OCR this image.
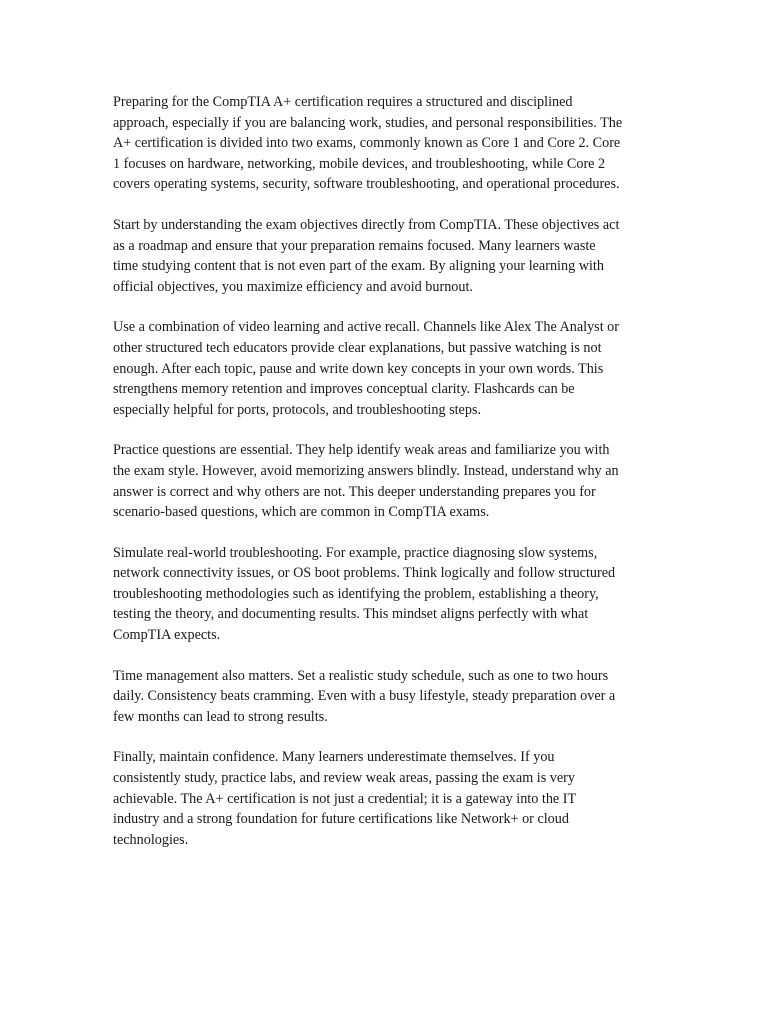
Preparing for the CompTIA A+ certification requires a structured and disciplined
approach, especially if you are balancing work, studies, and personal responsibilities. The
A+ certification is divided into two exams, commonly known as Core 1 and Core 2. Core
1 focuses on hardware, networking, mobile devices, and troubleshooting, while Core 2
covers operating systems, security, software troubleshooting, and operational procedures.

Start by understanding the exam objectives directly from CompTIA. These objectives act
as a roadmap and ensure that your preparation remains focused. Many learners waste
time studying content that is not even part of the exam. By aligning your learning with
official objectives, you maximize efficiency and avoid burnout.

Use a combination of video learning and active recall. Channels like Alex The Analyst or
other structured tech educators provide clear explanations, but passive watching is not
enough. After each topic, pause and write down key concepts in your own words. This
strengthens memory retention and improves conceptual clarity. Flashcards can be
especially helpful for ports, protocols, and troubleshooting steps.

Practice questions are essential. They help identify weak areas and familiarize you with
the exam style. However, avoid memorizing answers blindly. Instead, understand why an
answer is correct and why others are not. This deeper understanding prepares you for
scenario-based questions, which are common in CompTIA exams.

Simulate real-world troubleshooting. For example, practice diagnosing slow systems,
network connectivity issues, or OS boot problems. Think logically and follow structured
troubleshooting methodologies such as identifying the problem, establishing a theory,
testing the theory, and documenting results. This mindset aligns perfectly with what
CompTIA expects.

Time management also matters. Set a realistic study schedule, such as one to two hours
daily. Consistency beats cramming. Even with a busy lifestyle, steady preparation over a
few months can lead to strong results.

Finally, maintain confidence. Many learners underestimate themselves. If you
consistently study, practice labs, and review weak areas, passing the exam is very
achievable. The A+ certification is not just a credential; it is a gateway into the IT
industry and a strong foundation for future certifications like Network+ or cloud
technologies.
